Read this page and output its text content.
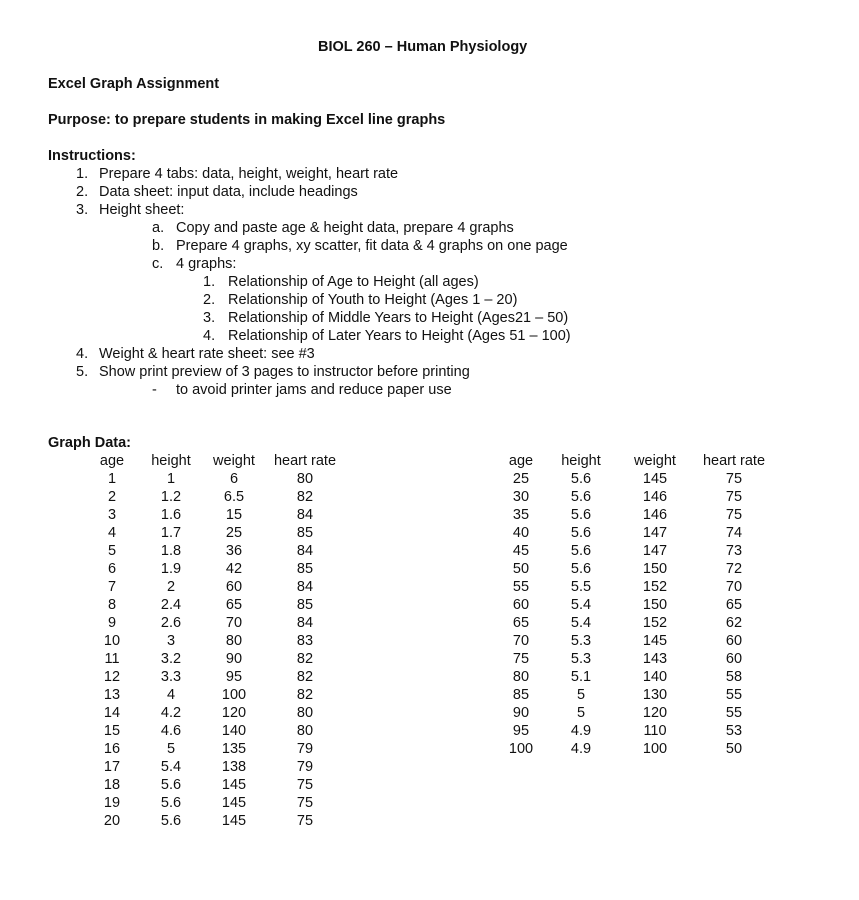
BIOL 260 – Human Physiology
Excel Graph Assignment
Purpose: to prepare students in making Excel line graphs
Instructions:
1. Prepare 4 tabs: data, height, weight, heart rate
2. Data sheet: input data, include headings
3. Height sheet:
a. Copy and paste age & height data, prepare 4 graphs
b. Prepare 4 graphs, xy scatter, fit data & 4 graphs on one page
c. 4 graphs:
1. Relationship of Age to Height (all ages)
2. Relationship of Youth to Height (Ages 1 – 20)
3. Relationship of Middle Years to Height (Ages21 – 50)
4. Relationship of Later Years to Height (Ages 51 – 100)
4. Weight & heart rate sheet: see #3
5. Show print preview of 3 pages to instructor before printing
- to avoid printer jams and reduce paper use
Graph Data:
age	height	weight	heart rate
1	1	6	80
2	1.2	6.5	82
3	1.6	15	84
4	1.7	25	85
5	1.8	36	84
6	1.9	42	85
7	2	60	84
8	2.4	65	85
9	2.6	70	84
10	3	80	83
11	3.2	90	82
12	3.3	95	82
13	4	100	82
14	4.2	120	80
15	4.6	140	80
16	5	135	79
17	5.4	138	79
18	5.6	145	75
19	5.6	145	75
20	5.6	145	75
age	height	weight	heart rate
25	5.6	145	75
30	5.6	146	75
35	5.6	146	75
40	5.6	147	74
45	5.6	147	73
50	5.6	150	72
55	5.5	152	70
60	5.4	150	65
65	5.4	152	62
70	5.3	145	60
75	5.3	143	60
80	5.1	140	58
85	5	130	55
90	5	120	55
95	4.9	110	53
100	4.9	100	50
